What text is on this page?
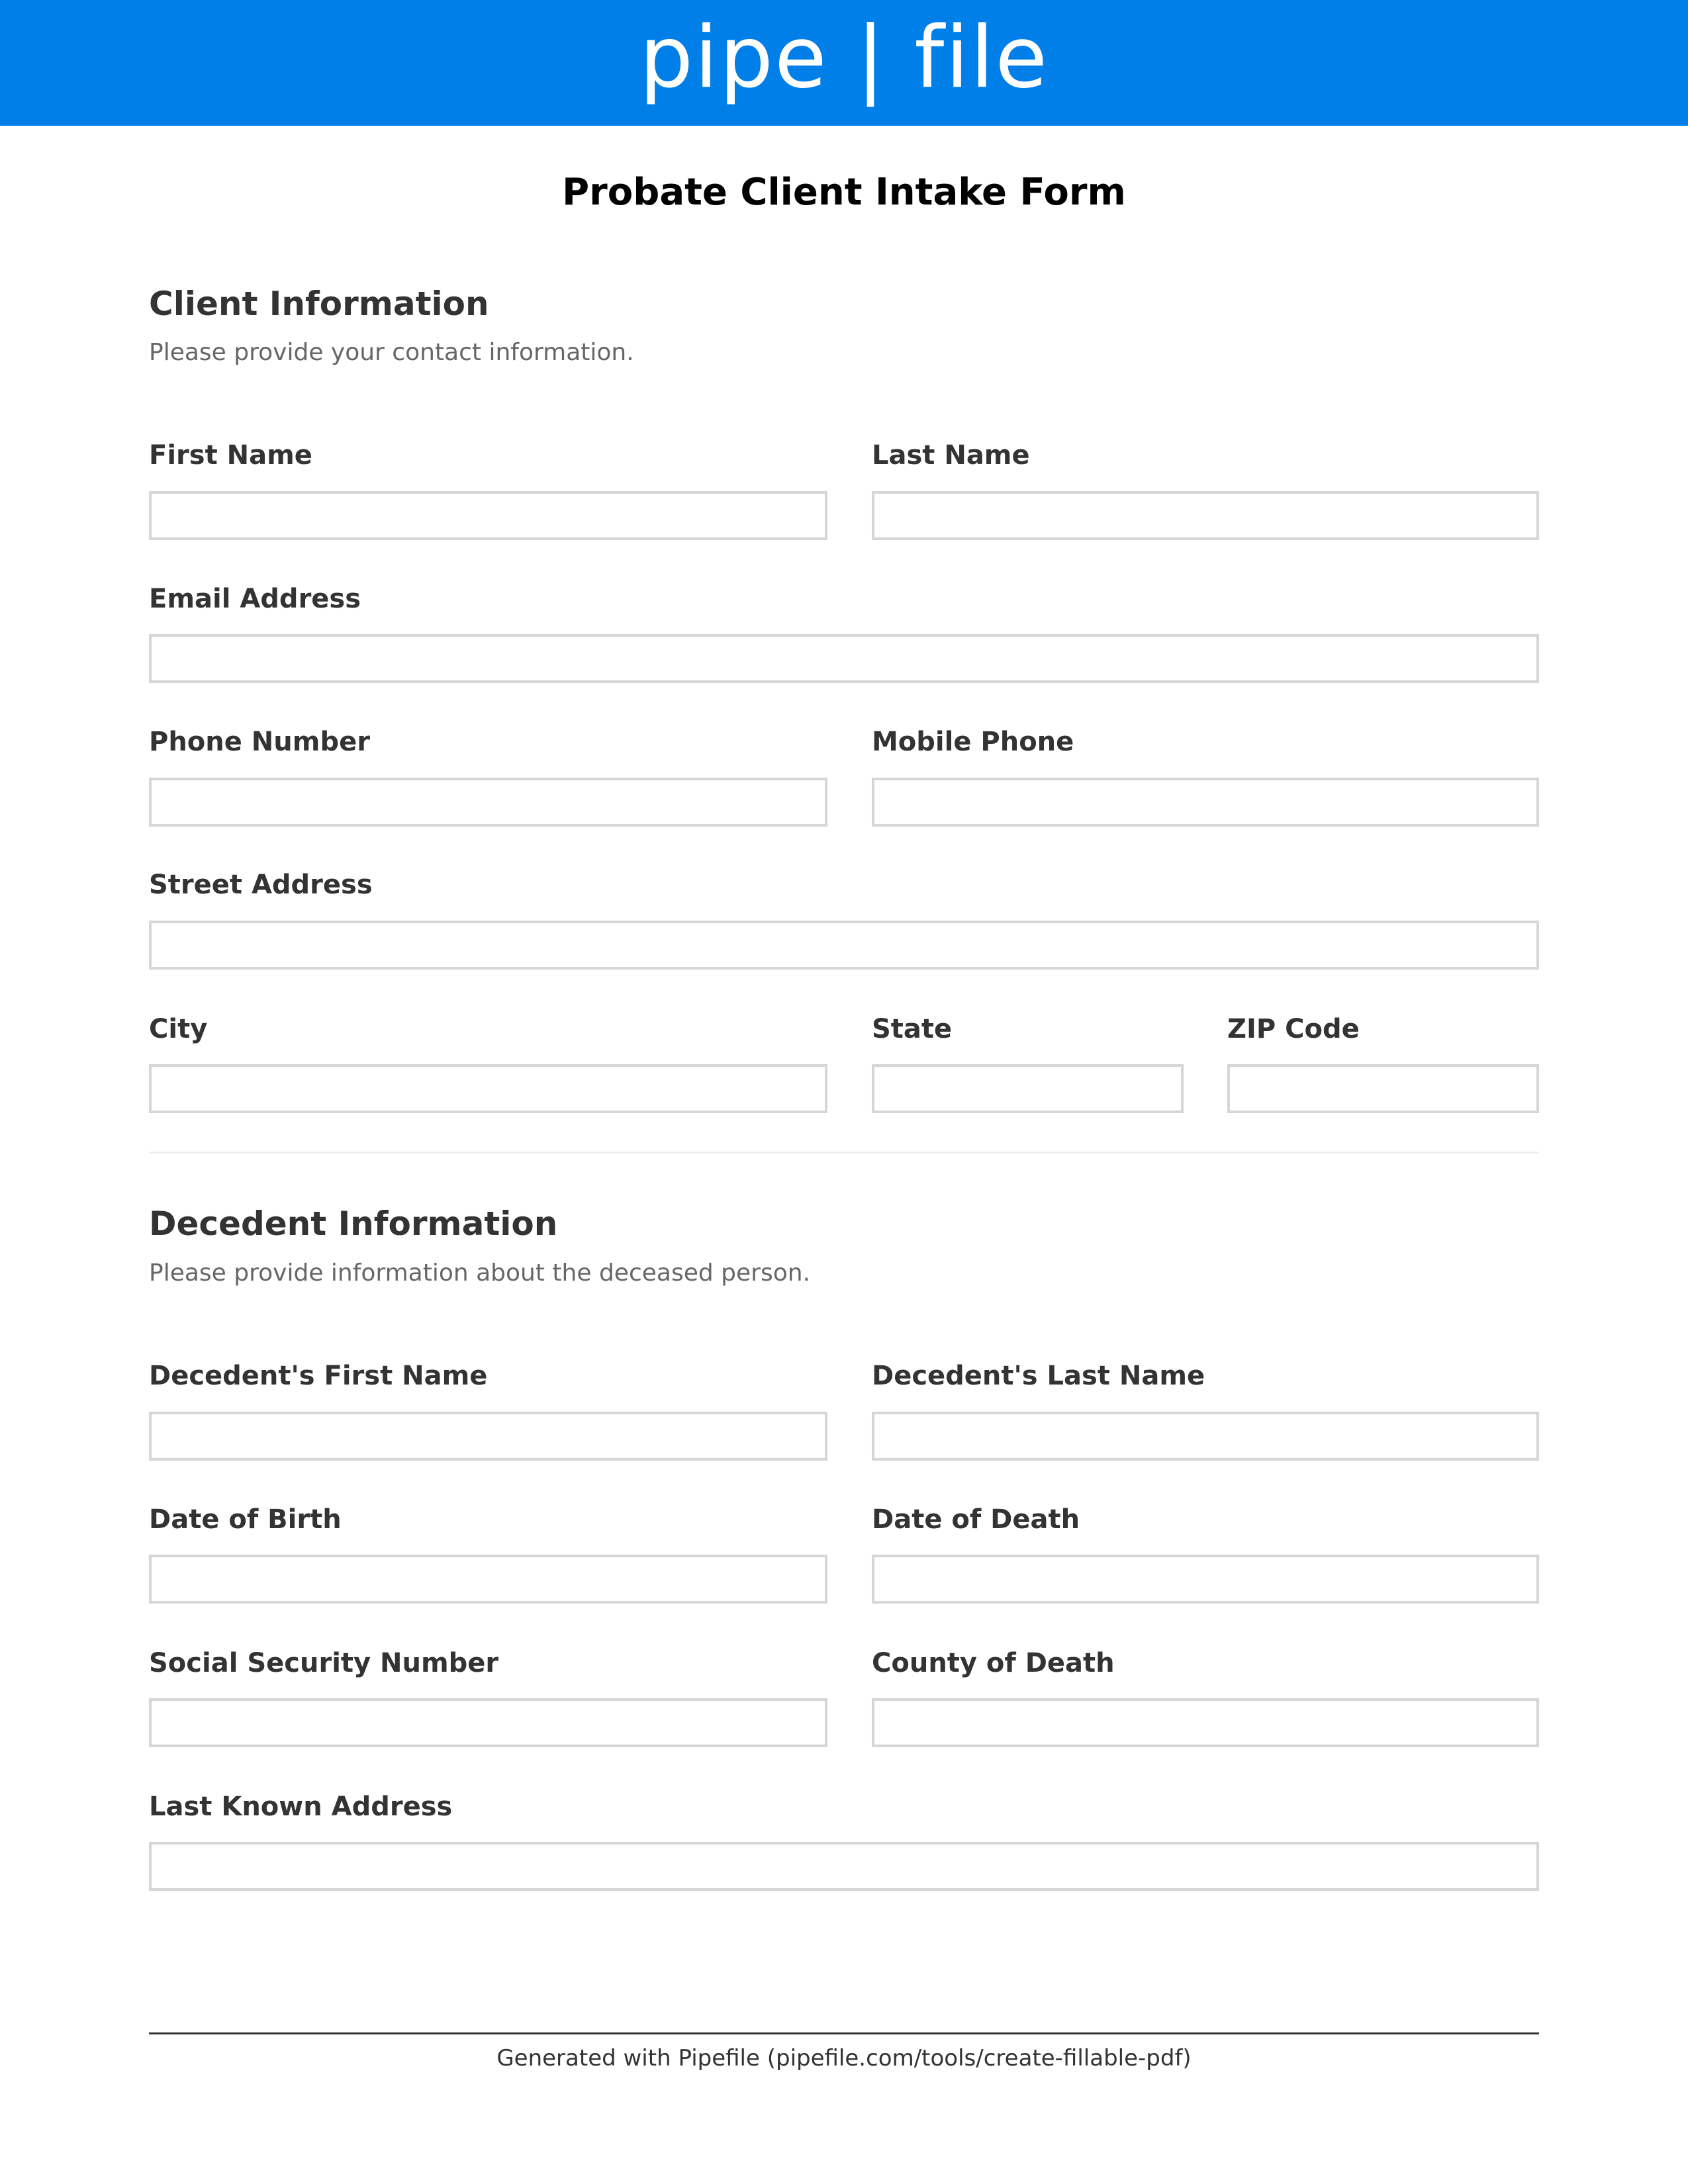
pipe | file
Probate Client Intake Form
Client Information
Please provide your contact information.
First Name	Last Name
Email Address
Phone Number	Mobile Phone
Street Address
City	State	ZIP Code
Decedent Information
Please provide information about the deceased person.
Decedent's First Name	Decedent's Last Name
Date of Birth	Date of Death
Social Security Number	County of Death
Last Known Address
Generated with Pipefile (pipefile.com/tools/create-fillable-pdf)
